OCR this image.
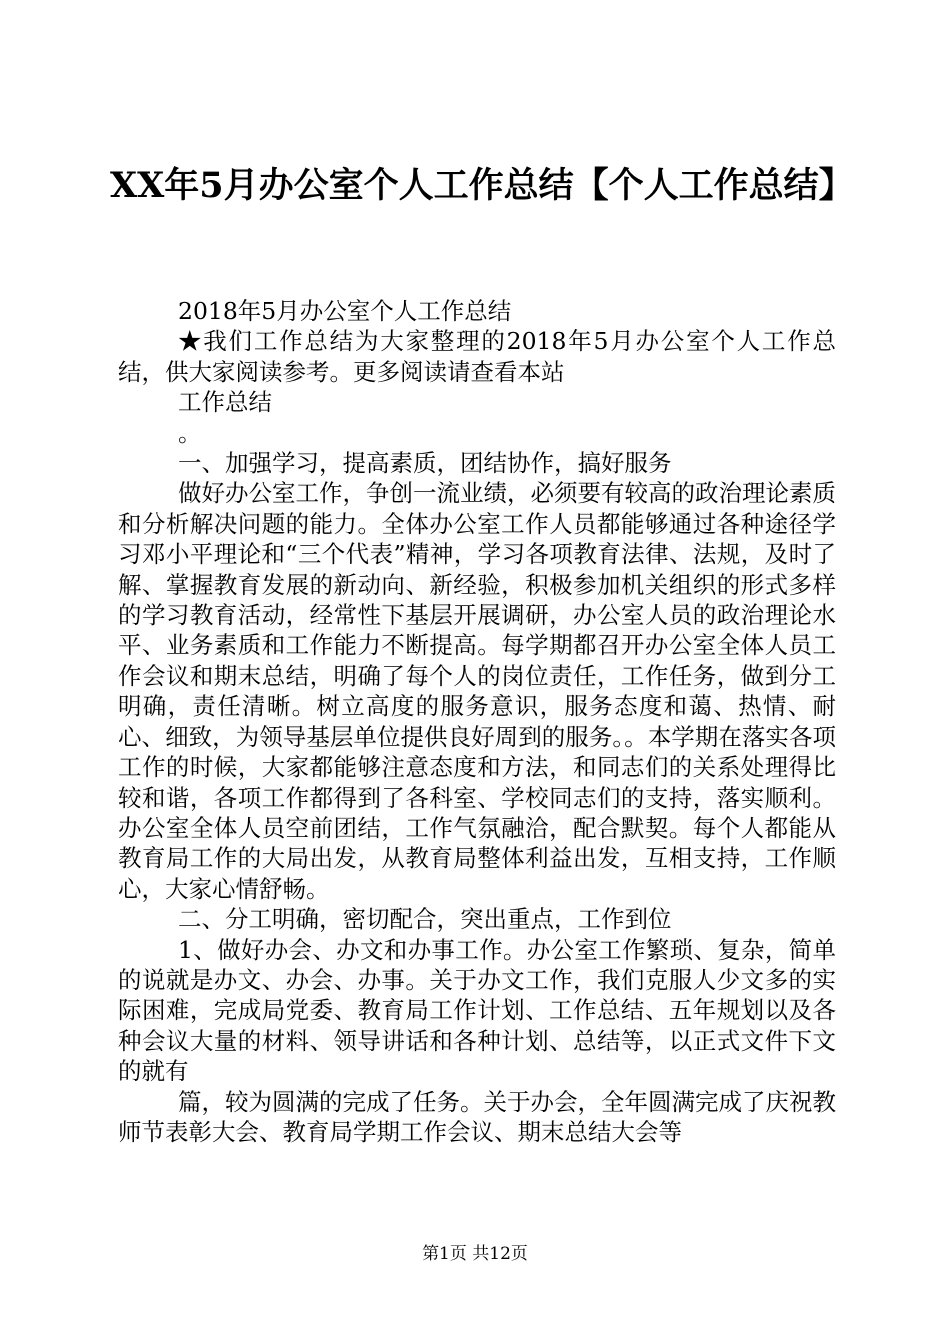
XX年5月办公室个人工作总结【个人工作总结】

2018年5月办公室个人工作总结

★我们工作总结为大家整理的2018年5月办公室个人工作总结，供大家阅读参考。更多阅读请查看本站

工作总结

。

一、加强学习，提高素质，团结协作，搞好服务

做好办公室工作，争创一流业绩，必须要有较高的政治理论素质和分析解决问题的能力。全体办公室工作人员都能够通过各种途径学习邓小平理论和“三个代表”精神，学习各项教育法律、法规，及时了解、掌握教育发展的新动向、新经验，积极参加机关组织的形式多样的学习教育活动，经常性下基层开展调研，办公室人员的政治理论水平、业务素质和工作能力不断提高。每学期都召开办公室全体人员工作会议和期末总结，明确了每个人的岗位责任，工作任务，做到分工明确，责任清晰。树立高度的服务意识，服务态度和蔼、热情、耐心、细致，为领导基层单位提供良好周到的服务。。本学期在落实各项工作的时候，大家都能够注意态度和方法，和同志们的关系处理得比较和谐，各项工作都得到了各科室、学校同志们的支持，落实顺利。办公室全体人员空前团结，工作气氛融洽，配合默契。每个人都能从教育局工作的大局出发，从教育局整体利益出发，互相支持，工作顺心，大家心情舒畅。

二、分工明确，密切配合，突出重点，工作到位

1、做好办会、办文和办事工作。办公室工作繁琐、复杂，简单的说就是办文、办会、办事。关于办文工作，我们克服人少文多的实际困难，完成局党委、教育局工作计划、工作总结、五年规划以及各种会议大量的材料、领导讲话和各种计划、总结等，以正式文件下文的就有

篇，较为圆满的完成了任务。关于办会，全年圆满完成了庆祝教师节表彰大会、教育局学期工作会议、期末总结大会等

第1页 共12页
